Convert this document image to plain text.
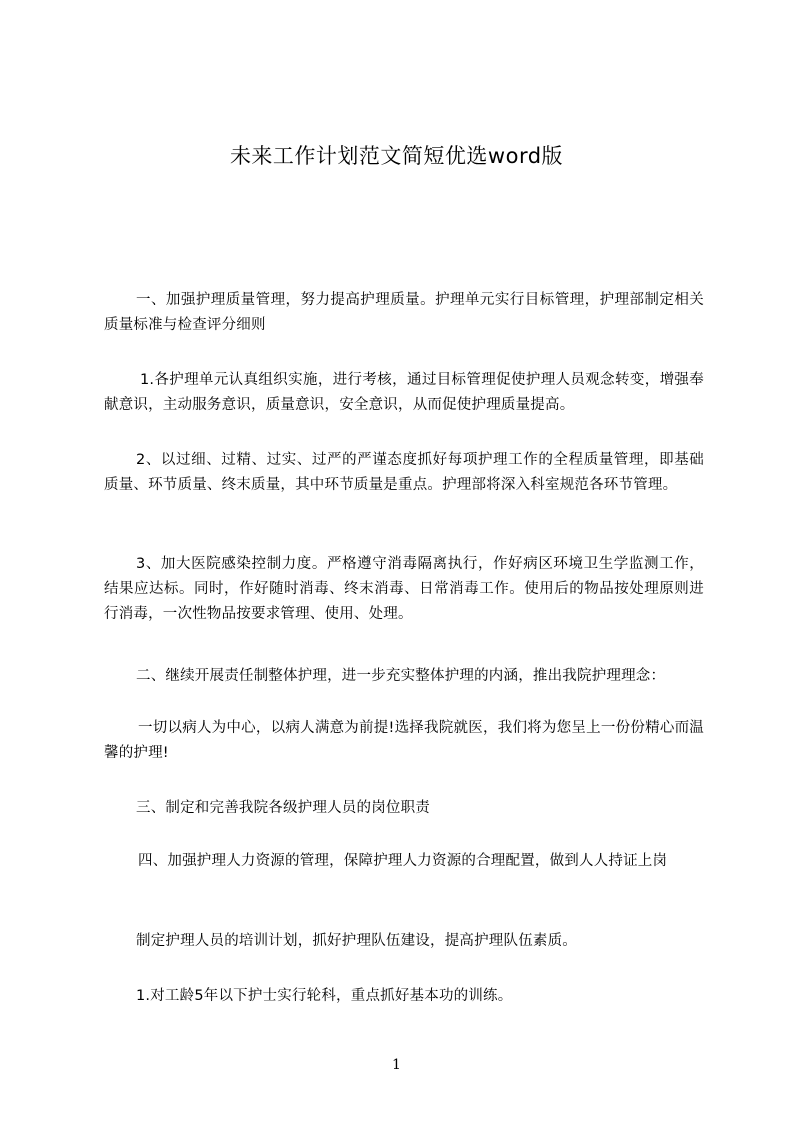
未来工作计划范文简短优选word版
一、加强护理质量管理，努力提高护理质量。护理单元实行目标管理，护理部制定相关质量标准与检查评分细则
1.各护理单元认真组织实施，进行考核，通过目标管理促使护理人员观念转变，增强奉献意识，主动服务意识，质量意识，安全意识，从而促使护理质量提高。
2、以过细、过精、过实、过严的严谨态度抓好每项护理工作的全程质量管理，即基础质量、环节质量、终末质量，其中环节质量是重点。护理部将深入科室规范各环节管理。
3、加大医院感染控制力度。严格遵守消毒隔离执行，作好病区环境卫生学监测工作，结果应达标。同时，作好随时消毒、终末消毒、日常消毒工作。使用后的物品按处理原则进行消毒，一次性物品按要求管理、使用、处理。
二、继续开展责任制整体护理，进一步充实整体护理的内涵，推出我院护理理念：
一切以病人为中心，以病人满意为前提!选择我院就医，我们将为您呈上一份份精心而温馨的护理!
三、制定和完善我院各级护理人员的岗位职责
四、加强护理人力资源的管理，保障护理人力资源的合理配置，做到人人持证上岗
制定护理人员的培训计划，抓好护理队伍建设，提高护理队伍素质。
1.对工龄5年以下护士实行轮科，重点抓好基本功的训练。
1
